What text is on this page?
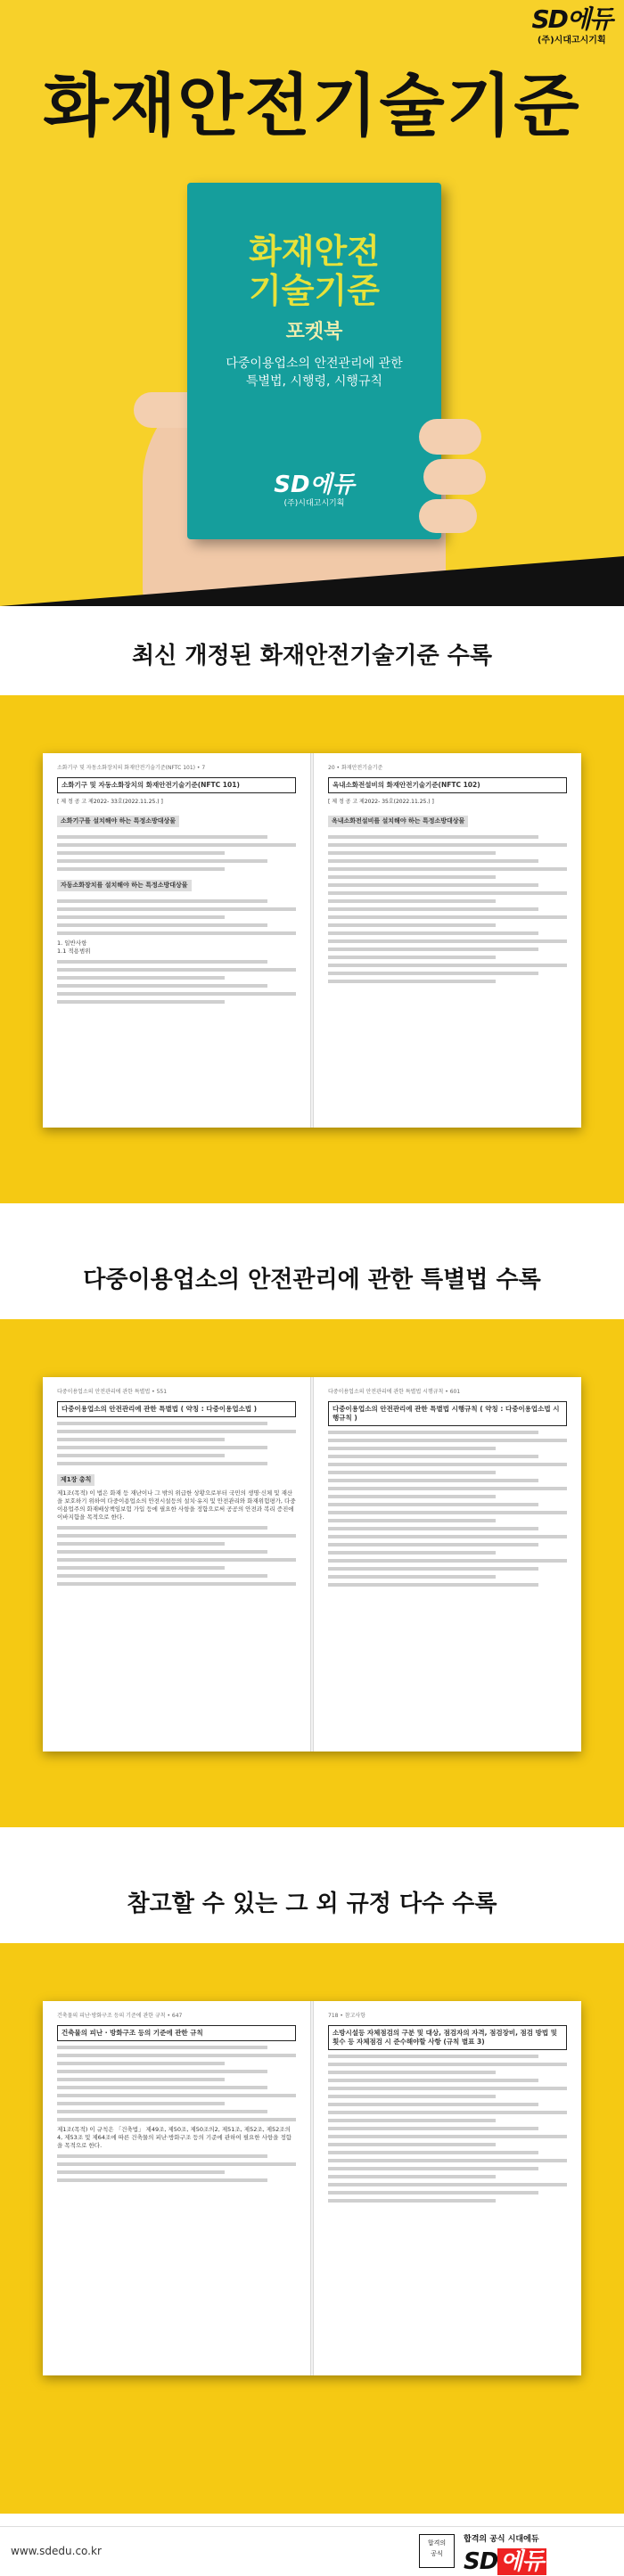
SD에듀
(주)시대고시기획
화재안전기술기준
화재안전
기술기준
포켓북
다중이용업소의 안전관리에 관한
특별법, 시행령, 시행규칙
SD에듀
(주)시대고시기획
최신 개정된 화재안전기술기준 수록
소화기구 및 자동소화장치의 화재안전기술기준(NFTC 101) • 7
소화기구 및 자동소화장치의 화재안전기술기준(NFTC 101)
[ 제 정 공 고 제2022- 33호(2022.11.25.) ]
소화기구를 설치해야 하는 특정소방대상물
자동소화장치를 설치해야 하는 특정소방대상물
1. 일반사항
1.1 적용범위
20 • 화재안전기술기준
옥내소화전설비의 화재안전기술기준(NFTC 102)
[ 제 정 공 고 제2022- 35호(2022.11.25.) ]
옥내소화전설비를 설치해야 하는 특정소방대상물
다중이용업소의 안전관리에 관한 특별법 수록
다중이용업소의 안전관리에 관한 특별법 • 551
다중이용업소의 안전관리에 관한 특별법 ( 약칭 : 다중이용업소법 )
제1장 총칙
제1조(목적) 이 법은 화재 등 재난이나 그 밖의 위급한 상황으로부터 국민의 생명·신체 및 재산을 보호하기 위하여 다중이용업소의 안전시설등의 설치·유지 및 안전관리와 화재위험평가, 다중이용업주의 화재배상책임보험 가입 등에 필요한 사항을 정함으로써 공공의 안전과 복리 증진에 이바지함을 목적으로 한다.
다중이용업소의 안전관리에 관한 특별법 시행규칙 • 601
다중이용업소의 안전관리에 관한 특별법 시행규칙 ( 약칭 : 다중이용업소법 시행규칙 )
참고할 수 있는 그 외 규정 다수 수록
건축물의 피난·방화구조 등의 기준에 관한 규칙 • 647
건축물의 피난 · 방화구조 등의 기준에 관한 규칙
제1조(목적) 이 규칙은 「건축법」 제49조, 제50조, 제50조의2, 제51조, 제52조, 제52조의4, 제53조 및 제64조에 따른 건축물의 피난·방화구조 등의 기준에 관하여 필요한 사항을 정함을 목적으로 한다.
718 • 참고사항
소방시설등 자체점검의 구분 및 대상, 점검자의 자격, 점검장비, 점검 방법 및 횟수 등 자체점검 시 준수해야할 사항 (규칙 별표 3)
www.sdedu.co.kr
합격의
공식
합격의 공식 시대에듀
SD 에듀
